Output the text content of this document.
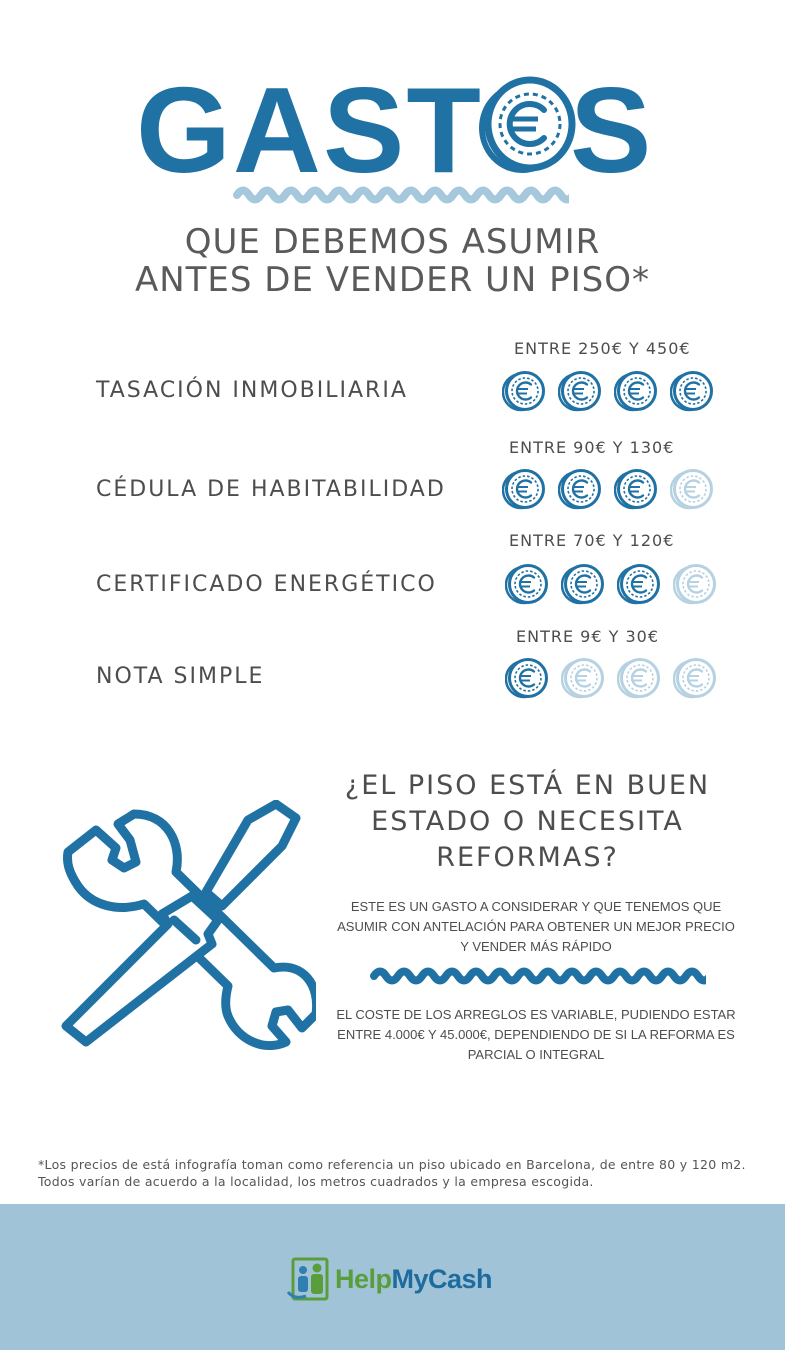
GAST S
QUE DEBEMOS ASUMIR
ANTES DE VENDER UN PISO*
ENTRE 250€ Y 450€
TASACIÓN INMOBILIARIA
ENTRE 90€ Y 130€
CÉDULA DE HABITABILIDAD
ENTRE 70€ Y 120€
CERTIFICADO ENERGÉTICO
ENTRE 9€ Y 30€
NOTA SIMPLE
¿EL PISO ESTÁ EN BUEN ESTADO O NECESITA REFORMAS?
ESTE ES UN GASTO A CONSIDERAR Y QUE TENEMOS QUE ASUMIR CON ANTELACIÓN PARA OBTENER UN MEJOR PRECIO Y VENDER MÁS RÁPIDO
EL COSTE DE LOS ARREGLOS ES VARIABLE, PUDIENDO ESTAR ENTRE 4.000€ Y 45.000€, DEPENDIENDO DE SI LA REFORMA ES PARCIAL O INTEGRAL
*Los precios de está infografía toman como referencia un piso ubicado en Barcelona, de entre 80 y 120 m2. Todos varían de acuerdo a la localidad, los metros cuadrados y la empresa escogida.
HelpMyCash
